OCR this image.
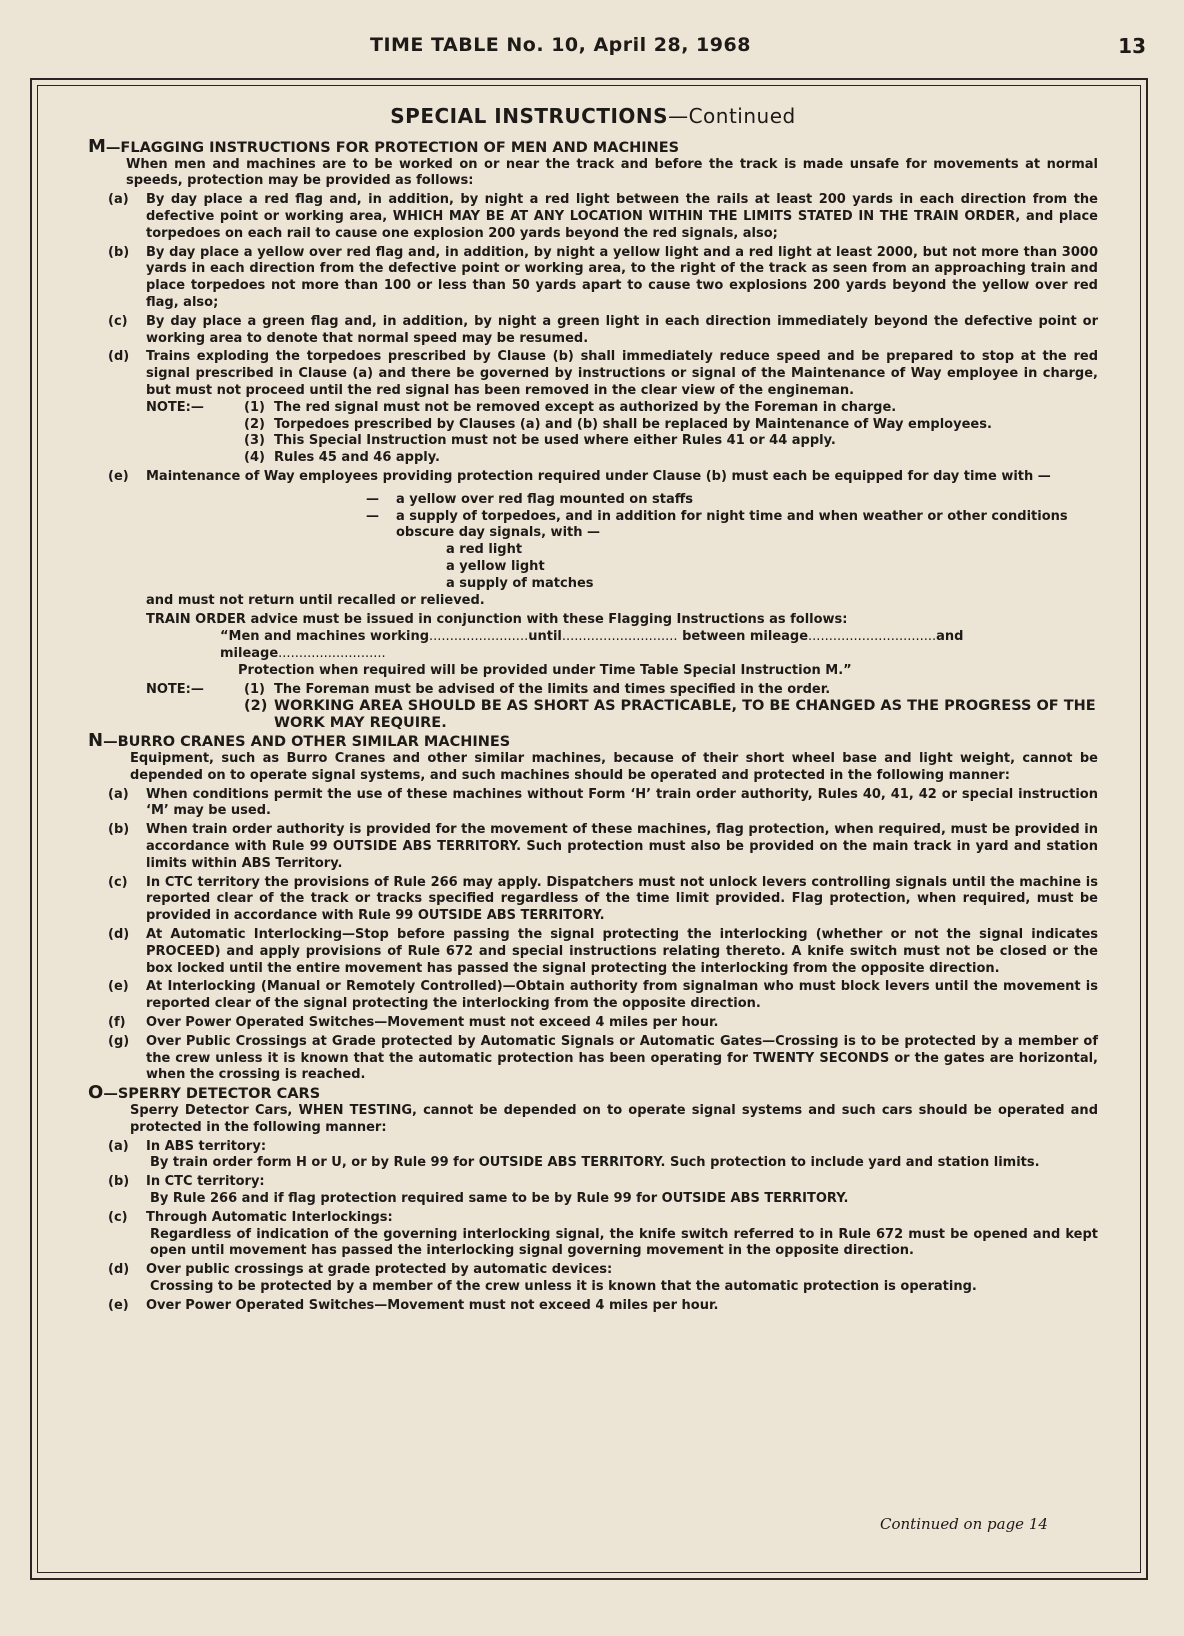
TIME TABLE No. 10, April 28, 1968	13
SPECIAL INSTRUCTIONS—Continued
M—FLAGGING INSTRUCTIONS FOR PROTECTION OF MEN AND MACHINES
When men and machines are to be worked on or near the track and before the track is made unsafe for movements at normal speeds, protection may be provided as follows:
(a) By day place a red flag and, in addition, by night a red light between the rails at least 200 yards in each direction from the defective point or working area, WHICH MAY BE AT ANY LOCATION WITHIN THE LIMITS STATED IN THE TRAIN ORDER, and place torpedoes on each rail to cause one explosion 200 yards beyond the red signals, also;
(b) By day place a yellow over red flag and, in addition, by night a yellow light and a red light at least 2000, but not more than 3000 yards in each direction from the defective point or working area, to the right of the track as seen from an approaching train and place torpedoes not more than 100 or less than 50 yards apart to cause two explosions 200 yards beyond the yellow over red flag, also;
(c) By day place a green flag and, in addition, by night a green light in each direction immediately beyond the defective point or working area to denote that normal speed may be resumed.
(d) Trains exploding the torpedoes prescribed by Clause (b) shall immediately reduce speed and be prepared to stop at the red signal prescribed in Clause (a) and there be governed by instructions or signal of the Maintenance of Way employee in charge, but must not proceed until the red signal has been removed in the clear view of the engineman.
NOTE:—	(1) The red signal must not be removed except as authorized by the Foreman in charge.
(2) Torpedoes prescribed by Clauses (a) and (b) shall be replaced by Maintenance of Way employees.
(3) This Special Instruction must not be used where either Rules 41 or 44 apply.
(4) Rules 45 and 46 apply.
(e) Maintenance of Way employees providing protection required under Clause (b) must each be equipped for day time with —
— a yellow over red flag mounted on staffs
— a supply of torpedoes, and in addition for night time and when weather or other conditions obscure day signals, with —
a red light
a yellow light
a supply of matches
and must not return until recalled or relieved.
TRAIN ORDER advice must be issued in conjunction with these Flagging Instructions as follows:
“Men and machines working ........................ until ............................
between mileage ............................... and
mileage..........................
Protection when required will be provided under Time Table Special Instruction M.”
NOTE:—	(1) The Foreman must be advised of the limits and times specified in the order.
(2) WORKING AREA SHOULD BE AS SHORT AS PRACTICABLE, TO BE CHANGED AS THE PROGRESS OF THE WORK MAY REQUIRE.
N—BURRO CRANES AND OTHER SIMILAR MACHINES
Equipment, such as Burro Cranes and other similar machines, because of their short wheel base and light weight, cannot be depended on to operate signal systems, and such machines should be operated and protected in the following manner:
(a) When conditions permit the use of these machines without Form ‘H’ train order authority, Rules 40, 41, 42 or special instruction ‘M’ may be used.
(b) When train order authority is provided for the movement of these machines, flag protection, when required, must be provided in accordance with Rule 99 OUTSIDE ABS TERRITORY. Such protection must also be provided on the main track in yard and station limits within ABS Territory.
(c) In CTC territory the provisions of Rule 266 may apply. Dispatchers must not unlock levers controlling signals until the machine is reported clear of the track or tracks specified regardless of the time limit provided. Flag protection, when required, must be provided in accordance with Rule 99 OUTSIDE ABS TERRITORY.
(d) At Automatic Interlocking—Stop before passing the signal protecting the interlocking (whether or not the signal indicates PROCEED) and apply provisions of Rule 672 and special instructions relating thereto. A knife switch must not be closed or the box locked until the entire movement has passed the signal protecting the interlocking from the opposite direction.
(e) At Interlocking (Manual or Remotely Controlled)—Obtain authority from signalman who must block levers until the movement is reported clear of the signal protecting the interlocking from the opposite direction.
(f) Over Power Operated Switches—Movement must not exceed 4 miles per hour.
(g) Over Public Crossings at Grade protected by Automatic Signals or Automatic Gates—Crossing is to be protected by a member of the crew unless it is known that the automatic protection has been operating for TWENTY SECONDS or the gates are horizontal, when the crossing is reached.
O—SPERRY DETECTOR CARS
Sperry Detector Cars, WHEN TESTING, cannot be depended on to operate signal systems and such cars should be operated and protected in the following manner:
(a) In ABS territory:
By train order form H or U, or by Rule 99 for OUTSIDE ABS TERRITORY. Such protection to include yard and station limits.
(b) In CTC territory:
By Rule 266 and if flag protection required same to be by Rule 99 for OUTSIDE ABS TERRITORY.
(c) Through Automatic Interlockings:
Regardless of indication of the governing interlocking signal, the knife switch referred to in Rule 672 must be opened and kept open until movement has passed the interlocking signal governing movement in the opposite direction.
(d) Over public crossings at grade protected by automatic devices:
Crossing to be protected by a member of the crew unless it is known that the automatic protection is operating.
(e) Over Power Operated Switches—Movement must not exceed 4 miles per hour.
Continued on page 14
